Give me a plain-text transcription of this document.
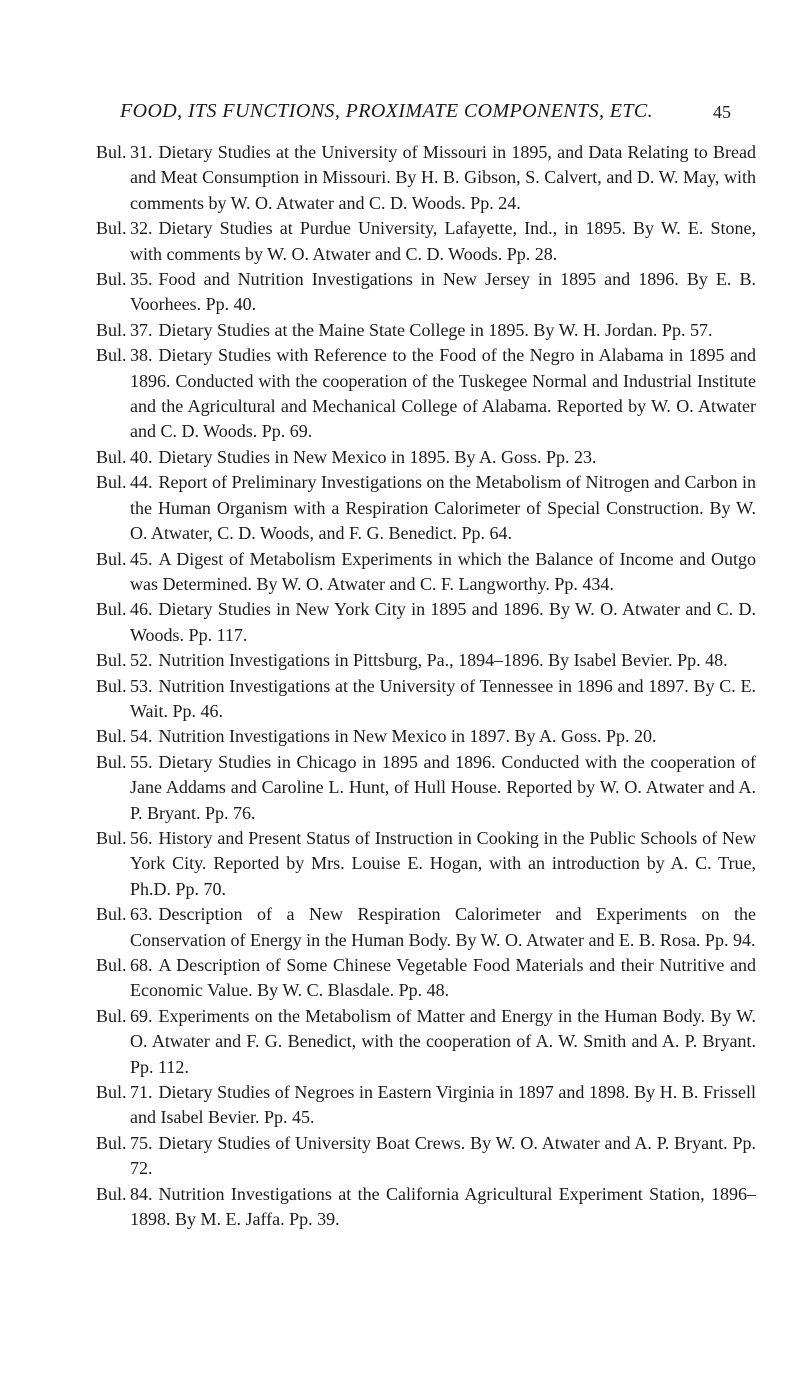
FOOD, ITS FUNCTIONS, PROXIMATE COMPONENTS, ETC.	45
Bul. 31. Dietary Studies at the University of Missouri in 1895, and Data Relating to Bread and Meat Consumption in Missouri. By H. B. Gibson, S. Calvert, and D. W. May, with comments by W. O. Atwater and C. D. Woods. Pp. 24.
Bul. 32. Dietary Studies at Purdue University, Lafayette, Ind., in 1895. By W. E. Stone, with comments by W. O. Atwater and C. D. Woods. Pp. 28.
Bul. 35. Food and Nutrition Investigations in New Jersey in 1895 and 1896. By E. B. Voorhees. Pp. 40.
Bul. 37. Dietary Studies at the Maine State College in 1895. By W. H. Jordan. Pp. 57.
Bul. 38. Dietary Studies with Reference to the Food of the Negro in Alabama in 1895 and 1896. Conducted with the cooperation of the Tuskegee Normal and Industrial Institute and the Agricultural and Mechanical College of Alabama. Reported by W. O. Atwater and C. D. Woods. Pp. 69.
Bul. 40. Dietary Studies in New Mexico in 1895. By A. Goss. Pp. 23.
Bul. 44. Report of Preliminary Investigations on the Metabolism of Nitrogen and Carbon in the Human Organism with a Respiration Calorimeter of Special Construction. By W. O. Atwater, C. D. Woods, and F. G. Benedict. Pp. 64.
Bul. 45. A Digest of Metabolism Experiments in which the Balance of Income and Outgo was Determined. By W. O. Atwater and C. F. Langworthy. Pp. 434.
Bul. 46. Dietary Studies in New York City in 1895 and 1896. By W. O. Atwater and C. D. Woods. Pp. 117.
Bul. 52. Nutrition Investigations in Pittsburg, Pa., 1894–1896. By Isabel Bevier. Pp. 48.
Bul. 53. Nutrition Investigations at the University of Tennessee in 1896 and 1897. By C. E. Wait. Pp. 46.
Bul. 54. Nutrition Investigations in New Mexico in 1897. By A. Goss. Pp. 20.
Bul. 55. Dietary Studies in Chicago in 1895 and 1896. Conducted with the cooperation of Jane Addams and Caroline L. Hunt, of Hull House. Reported by W. O. Atwater and A. P. Bryant. Pp. 76.
Bul. 56. History and Present Status of Instruction in Cooking in the Public Schools of New York City. Reported by Mrs. Louise E. Hogan, with an introduction by A. C. True, Ph.D. Pp. 70.
Bul. 63. Description of a New Respiration Calorimeter and Experiments on the Conservation of Energy in the Human Body. By W. O. Atwater and E. B. Rosa. Pp. 94.
Bul. 68. A Description of Some Chinese Vegetable Food Materials and their Nutritive and Economic Value. By W. C. Blasdale. Pp. 48.
Bul. 69. Experiments on the Metabolism of Matter and Energy in the Human Body. By W. O. Atwater and F. G. Benedict, with the cooperation of A. W. Smith and A. P. Bryant. Pp. 112.
Bul. 71. Dietary Studies of Negroes in Eastern Virginia in 1897 and 1898. By H. B. Frissell and Isabel Bevier. Pp. 45.
Bul. 75. Dietary Studies of University Boat Crews. By W. O. Atwater and A. P. Bryant. Pp. 72.
Bul. 84. Nutrition Investigations at the California Agricultural Experiment Station, 1896–1898. By M. E. Jaffa. Pp. 39.
